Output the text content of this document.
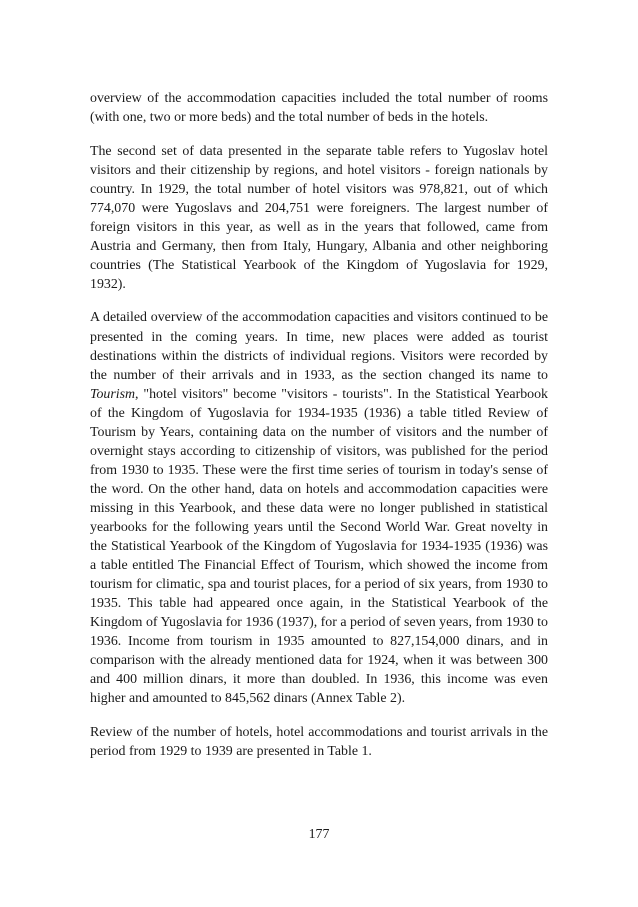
overview of the accommodation capacities included the total number of rooms (with one, two or more beds) and the total number of beds in the hotels.

The second set of data presented in the separate table refers to Yugoslav hotel visitors and their citizenship by regions, and hotel visitors - foreign nationals by country. In 1929, the total number of hotel visitors was 978,821, out of which 774,070 were Yugoslavs and 204,751 were foreigners. The largest number of foreign visitors in this year, as well as in the years that followed, came from Austria and Germany, then from Italy, Hungary, Albania and other neighboring countries (The Statistical Yearbook of the Kingdom of Yugoslavia for 1929, 1932).

A detailed overview of the accommodation capacities and visitors continued to be presented in the coming years. In time, new places were added as tourist destinations within the districts of individual regions. Visitors were recorded by the number of their arrivals and in 1933, as the section changed its name to Tourism, "hotel visitors" become "visitors - tourists". In the Statistical Yearbook of the Kingdom of Yugoslavia for 1934-1935 (1936) a table titled Review of Tourism by Years, containing data on the number of visitors and the number of overnight stays according to citizenship of visitors, was published for the period from 1930 to 1935. These were the first time series of tourism in today's sense of the word. On the other hand, data on hotels and accommodation capacities were missing in this Yearbook, and these data were no longer published in statistical yearbooks for the following years until the Second World War. Great novelty in the Statistical Yearbook of the Kingdom of Yugoslavia for 1934-1935 (1936) was a table entitled The Financial Effect of Tourism, which showed the income from tourism for climatic, spa and tourist places, for a period of six years, from 1930 to 1935. This table had appeared once again, in the Statistical Yearbook of the Kingdom of Yugoslavia for 1936 (1937), for a period of seven years, from 1930 to 1936. Income from tourism in 1935 amounted to 827,154,000 dinars, and in comparison with the already mentioned data for 1924, when it was between 300 and 400 million dinars, it more than doubled. In 1936, this income was even higher and amounted to 845,562 dinars (Annex Table 2).

Review of the number of hotels, hotel accommodations and tourist arrivals in the period from 1929 to 1939 are presented in Table 1.

177
